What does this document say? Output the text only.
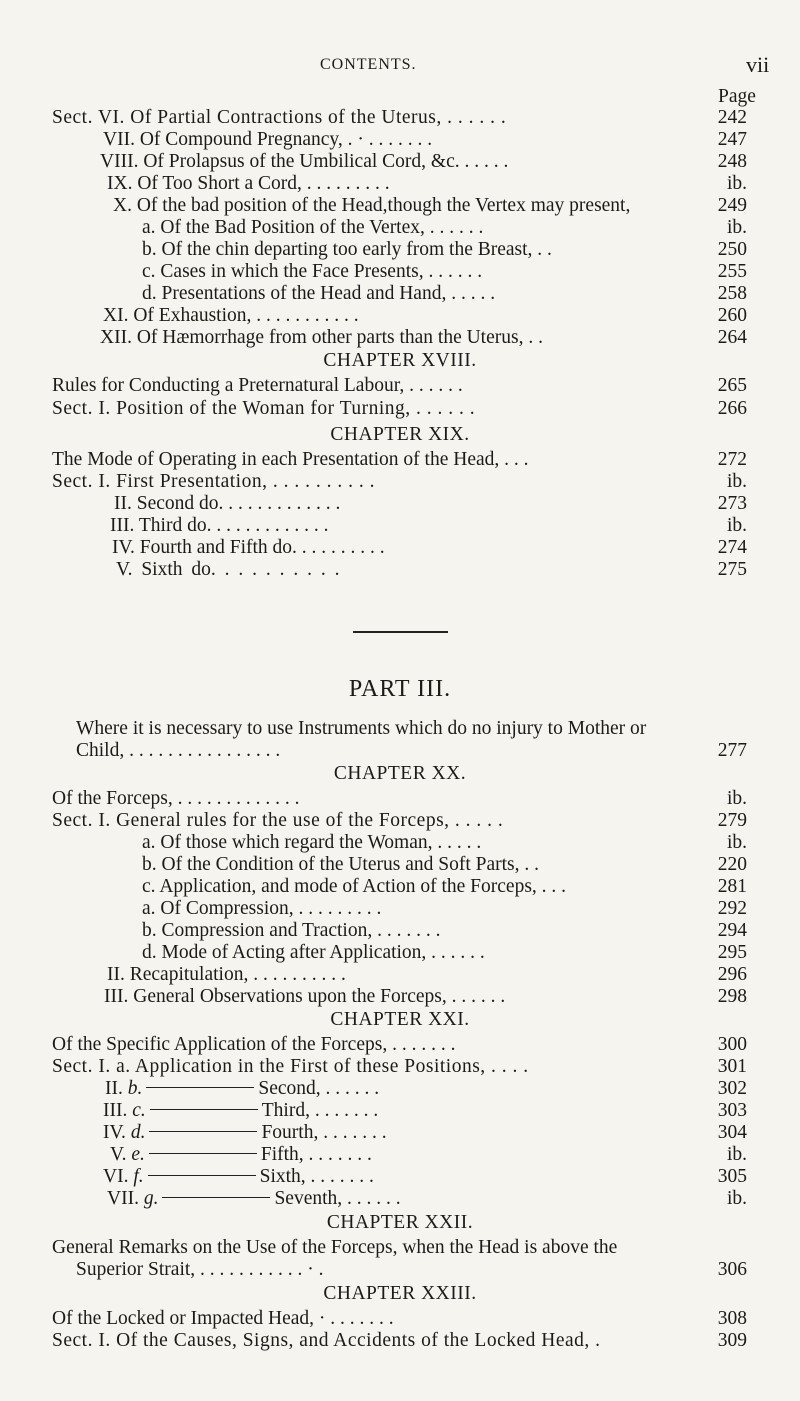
CONTENTS.	vii
Page
Sect. VI. Of Partial Contractions of the Uterus, . . . . . .	242
VII. Of Compound Pregnancy, . · . . . . . . .	247
VIII. Of Prolapsus of the Umbilical Cord, &c. . . . . .	248
IX. Of Too Short a Cord, . . . . . . . . .	ib.
X. Of the bad position of the Head,though the Vertex may present,	249
a. Of the Bad Position of the Vertex, . . . . . .	ib.
b. Of the chin departing too early from the Breast, . .	250
c. Cases in which the Face Presents, . . . . . .	255
d. Presentations of the Head and Hand, . . . . .	258
XI. Of Exhaustion, . . . . . . . . . . .	260
XII. Of Hæmorrhage from other parts than the Uterus, . .	264
CHAPTER XVIII.
Rules for Conducting a Preternatural Labour, . . . . . .	265
Sect. I. Position of the Woman for Turning, . . . . . .	266
CHAPTER XIX.
The Mode of Operating in each Presentation of the Head, . . .	272
Sect. I. First Presentation, . . . . . . . . . .	ib.
II. Second do. . . . . . . . . . . . .	273
III. Third do. . . . . . . . . . . . .	ib.
IV. Fourth and Fifth do. . . . . . . . . .	274
V. Sixth do. . . . . . . . . .	275
PART III.
Where it is necessary to use Instruments which do no injury to Mother or
Child, . . . . . . . . . . . . . . . .	277
CHAPTER XX.
Of the Forceps, . . . . . . . . . . . . .	ib.
Sect. I. General rules for the use of the Forceps, . . . . .	279
a. Of those which regard the Woman, . . . . .	ib.
b. Of the Condition of the Uterus and Soft Parts, . .	220
c. Application, and mode of Action of the Forceps, . . .	281
a. Of Compression, . . . . . . . . .	292
b. Compression and Traction, . . . . . . .	294
d. Mode of Acting after Application, . . . . . .	295
II. Recapitulation, . . . . . . . . . .	296
III. General Observations upon the Forceps, . . . . . .	298
CHAPTER XXI.
Of the Specific Application of the Forceps, . . . . . . .	300
Sect. I. a. Application in the First of these Positions, . . . .	301
II. b.	Second, . . . . . .	302
III. c.	Third, . . . . . . .	303
IV. d.	Fourth, . . . . . . .	304
V. e.	Fifth, . . . . . . .	ib.
VI. f.	Sixth, . . . . . . .	305
VII. g.	Seventh, . . . . . .	ib.
CHAPTER XXII.
General Remarks on the Use of the Forceps, when the Head is above the
Superior Strait, . . . . . . . . . . . · .	306
CHAPTER XXIII.
Of the Locked or Impacted Head, · . . . . . . .	308
Sect. I. Of the Causes, Signs, and Accidents of the Locked Head, .	309
